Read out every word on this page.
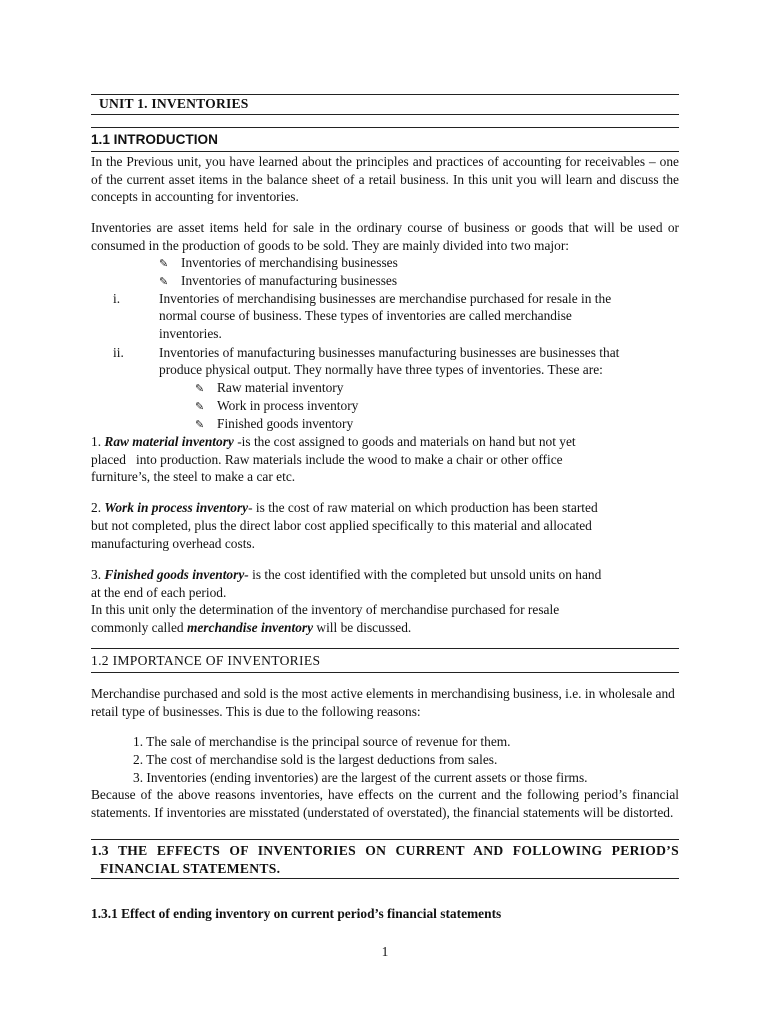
UNIT 1. INVENTORIES
1.1 INTRODUCTION
In the Previous unit, you have learned about the principles and practices of accounting for receivables – one of the current asset items in the balance sheet of a retail business. In this unit you will learn and discuss the concepts in accounting for inventories.
Inventories are asset items held for sale in the ordinary course of business or goods that will be used or consumed in the production of goods to be sold. They are mainly divided into two major:
✎ Inventories of merchandising businesses
✎ Inventories of manufacturing businesses
i.	Inventories of merchandising businesses are merchandise purchased for resale in the
normal course of business. These types of inventories are called merchandise
inventories.
ii.	Inventories of manufacturing businesses manufacturing businesses are businesses that
produce physical output. They normally have three types of inventories. These are:
✎ Raw material inventory
✎ Work in process inventory
✎ Finished goods inventory
1. Raw material inventory -is the cost assigned to goods and materials on hand but not yet
placed   into production. Raw materials include the wood to make a chair or other office
furniture’s, the steel to make a car etc.
2. Work in process inventory- is the cost of raw material on which production has been started
but not completed, plus the direct labor cost applied specifically to this material and allocated
manufacturing overhead costs.
3. Finished goods inventory- is the cost identified with the completed but unsold units on hand
at the end of each period.
In this unit only the determination of the inventory of merchandise purchased for resale
commonly called merchandise inventory will be discussed.
1.2 IMPORTANCE OF INVENTORIES
Merchandise purchased and sold is the most active elements in merchandising business, i.e. in wholesale and retail type of businesses. This is due to the following reasons:
1. The sale of merchandise is the principal source of revenue for them.
2. The cost of merchandise sold is the largest deductions from sales.
3. Inventories (ending inventories) are the largest of the current assets or those firms.
Because of the above reasons inventories, have effects on the current and the following period’s financial statements. If inventories are misstated (understated of overstated), the financial statements will be distorted.
1.3 THE EFFECTS OF INVENTORIES ON CURRENT AND FOLLOWING PERIOD’S
FINANCIAL STATEMENTS.
1.3.1 Effect of ending inventory on current period’s financial statements
1
